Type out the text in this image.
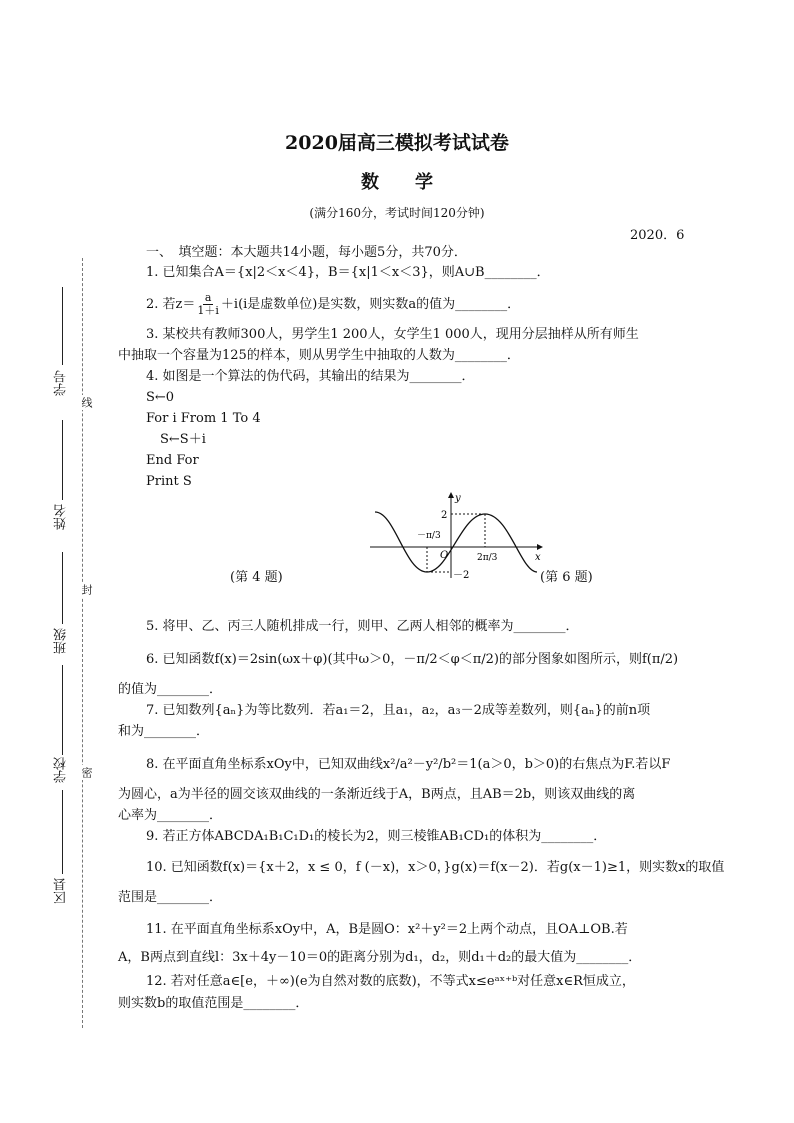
线
封
密
学号
姓名
班级
学校
区县
2020届高三模拟考试试卷
数　　学
(满分160分，考试时间120分钟)
2020．6
一、　填空题：本大题共14小题，每小题5分，共70分．
1. 已知集合A＝{x|2＜x＜4}，B＝{x|1＜x＜3}，则A∪B________．
2. 若$z= \frac{a}{1+i} +i(i$是虚数单位)是实数，则实数a的值为________．
3. 某校共有教师300人，男学生1 200人，女学生1 000人，现用分层抽样从所有师生
中抽取一个容量为125的样本，则从男学生中抽取的人数为________．
4. 如图是一个算法的伪代码，其输出的结果为________．
S←0
For i From 1 To 4
S←S＋i
End For
Print S
x
y
O
2
－2
－π/3
2π/3
(第 4 题)	(第 6 题)
5. 将甲、乙、丙三人随机排成一行，则甲、乙两人相邻的概率为________．
6. 已知函数f(x)＝2sin(ωx＋φ)(其中ω＞0，－π/2＜φ＜π/2)的部分图象如图所示，则f(π/2)
的值为________．
7. 已知数列{aₙ}为等比数列．若a₁＝2，且a₁，a₂，a₃－2成等差数列，则{aₙ}的前n项
和为________．
8. 在平面直角坐标系xOy中，已知双曲线x²/a²－y²/b²＝1(a＞0，b＞0)的右焦点为F.若以F
为圆心，a为半径的圆交该双曲线的一条渐近线于A，B两点，且AB＝2b，则该双曲线的离
心率为________．
9. 若正方体ABCDA₁B₁C₁D₁的棱长为2，则三棱锥AB₁CD₁的体积为________．
10. 已知函数f(x)＝{x＋2，x ≤ 0，f (－x)，x＞0，}g(x)＝f(x－2)．若g(x－1)≥1，则实数x的取值
范围是________．
11. 在平面直角坐标系xOy中，A，B是圆O：x²＋y²＝2上两个动点，且OA⊥OB.若
A，B两点到直线l：3x＋4y－10＝0的距离分别为d₁，d₂，则d₁＋d₂的最大值为________．
12. 若对任意a∈[e，＋∞)(e为自然对数的底数)，不等式x≤eᵃˣ⁺ᵇ对任意x∈R恒成立，
则实数b的取值范围是________．
